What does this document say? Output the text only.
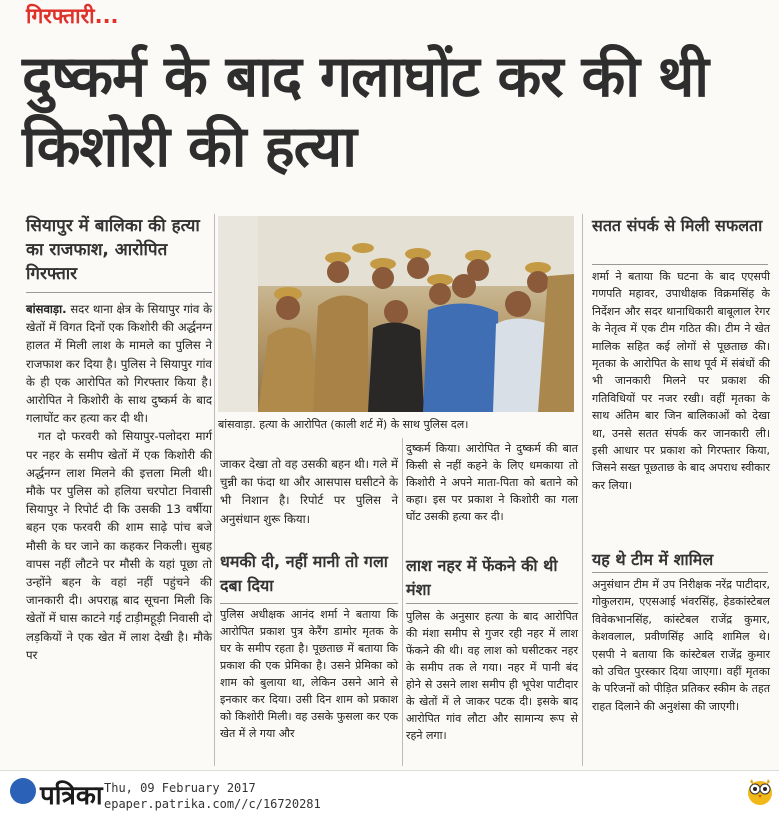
गिरफ्तारी...
दुष्कर्म के बाद गलाघोंट कर की थी किशोरी की हत्या
सियापुर में बालिका की हत्या का राजफाश, आरोपित गिरफ्तार

बांसवाड़ा. सदर थाना क्षेत्र के सियापुर गांव के खेतों में विगत दिनों एक किशोरी की अर्द्धनग्न हालत में मिली लाश के मामले का पुलिस ने राजफाश कर दिया है। पुलिस ने सियापुर गांव के ही एक आरोपित को गिरफ्तार किया है। आरोपित ने किशोरी के साथ दुष्कर्म के बाद गलाघोंट कर हत्या कर दी थी।

गत दो फरवरी को सियापुर-पलोदरा मार्ग पर नहर के समीप खेतों में एक किशोरी की अर्द्धनग्न लाश मिलने की इत्तला मिली थी। मौके पर पुलिस को हलिया चरपोटा निवासी सियापुर ने रिपोर्ट दी कि उसकी 13 वर्षीया बहन एक फरवरी की शाम साढ़े पांच बजे मौसी के घर जाने का कहकर निकली। सुबह वापस नहीं लौटने पर मौसी के यहां पूछा तो उन्होंने बहन के वहां नहीं पहुंचने की जानकारी दी। अपराह्न बाद सूचना मिली कि खेतों में घास काटने गई टाड़ीमहूड़ी निवासी दो लड़कियों ने एक खेत में लाश देखी है। मौके पर

बांसवाड़ा. हत्या के आरोपित (काली शर्ट में) के साथ पुलिस दल।
जाकर देखा तो वह उसकी बहन थी। गले में चुन्नी का फंदा था और आसपास घसीटने के भी निशान है। रिपोर्ट पर पुलिस ने अनुसंधान शुरू किया।
धमकी दी, नहीं मानी तो गला दबा दिया
पुलिस अधीक्षक आनंद शर्मा ने बताया कि आरोपित प्रकाश पुत्र केरैंग डामोर मृतक के घर के समीप रहता है। पूछताछ में बताया कि प्रकाश की एक प्रेमिका है। उसने प्रेमिका को शाम को बुलाया था, लेकिन उसने आने से इनकार कर दिया। उसी दिन शाम को प्रकाश को किशोरी मिली। वह उसके फुसला कर एक खेत में ले गया और
दुष्कर्म किया। आरोपित ने दुष्कर्म की बात किसी से नहीं कहने के लिए धमकाया तो किशोरी ने अपने माता-पिता को बताने को कहा। इस पर प्रकाश ने किशोरी का गला घोंट उसकी हत्या कर दी।
लाश नहर में फेंकने की थी मंशा
पुलिस के अनुसार हत्या के बाद आरोपित की मंशा समीप से गुजर रही नहर में लाश फेंकने की थी। वह लाश को घसीटकर नहर के समीप तक ले गया। नहर में पानी बंद होने से उसने लाश समीप ही भूपेश पाटीदार के खेतों में ले जाकर पटक दी। इसके बाद आरोपित गांव लौटा और सामान्य रूप से रहने लगा।
सतत संपर्क से मिली सफलता
शर्मा ने बताया कि घटना के बाद एएसपी गणपति महावर, उपाधीक्षक विक्रमसिंह के निर्देशन और सदर थानाधिकारी बाबूलाल रेगर के नेतृत्व में एक टीम गठित की। टीम ने खेत मालिक सहित कई लोगों से पूछताछ की। मृतका के आरोपित के साथ पूर्व में संबंधों की भी जानकारी मिलने पर प्रकाश की गतिविधियों पर नजर रखी। वहीं मृतका के साथ अंतिम बार जिन बालिकाओं को देखा था, उनसे सतत संपर्क कर जानकारी ली। इसी आधार पर प्रकाश को गिरफ्तार किया, जिसने सख्त पूछताछ के बाद अपराध स्वीकार कर लिया।
यह थे टीम में शामिल
अनुसंधान टीम में उप निरीक्षक नरेंद्र पाटीदार, गोकुलराम, एएसआई भंवरसिंह, हेडकांस्टेबल विवेकभानसिंह, कांस्टेबल राजेंद्र कुमार, केशवलाल, प्रवीणसिंह आदि शामिल थे। एसपी ने बताया कि कांस्टेबल राजेंद्र कुमार को उचित पुरस्कार दिया जाएगा। वहीं मृतका के परिजनों को पीड़ित प्रतिकर स्कीम के तहत राहत दिलाने की अनुशंसा की जाएगी।
पत्रिका Thu, 09 February 2017
epaper.patrika.com//c/16720281
